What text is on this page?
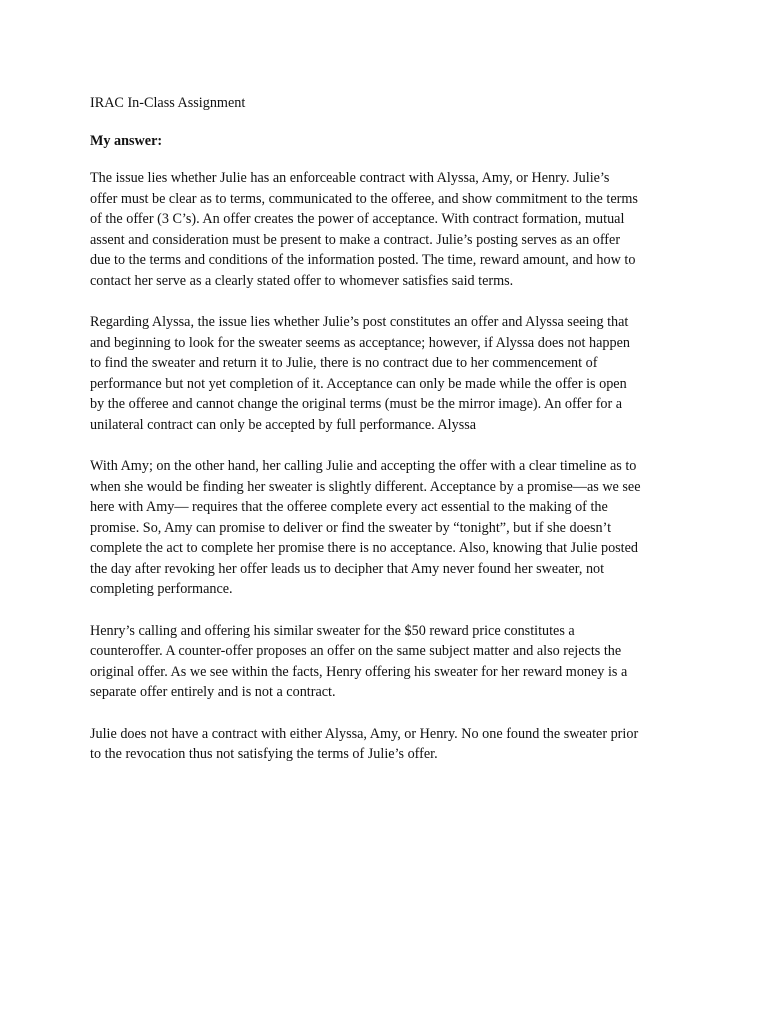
IRAC In-Class Assignment
My answer:
The issue lies whether Julie has an enforceable contract with Alyssa, Amy, or Henry. Julie’s
offer must be clear as to terms, communicated to the offeree, and show commitment to the terms
of the offer (3 C’s). An offer creates the power of acceptance. With contract formation, mutual
assent and consideration must be present to make a contract. Julie’s posting serves as an offer
due to the terms and conditions of the information posted. The time, reward amount, and how to
contact her serve as a clearly stated offer to whomever satisfies said terms.
Regarding Alyssa, the issue lies whether Julie’s post constitutes an offer and Alyssa seeing that
and beginning to look for the sweater seems as acceptance; however, if Alyssa does not happen
to find the sweater and return it to Julie, there is no contract due to her commencement of
performance but not yet completion of it. Acceptance can only be made while the offer is open
by the offeree and cannot change the original terms (must be the mirror image). An offer for a
unilateral contract can only be accepted by full performance. Alyssa
With Amy; on the other hand, her calling Julie and accepting the offer with a clear timeline as to
when she would be finding her sweater is slightly different. Acceptance by a promise—as we see
here with Amy— requires that the offeree complete every act essential to the making of the
promise. So, Amy can promise to deliver or find the sweater by “tonight”, but if she doesn’t
complete the act to complete her promise there is no acceptance. Also, knowing that Julie posted
the day after revoking her offer leads us to decipher that Amy never found her sweater, not
completing performance.
Henry’s calling and offering his similar sweater for the $50 reward price constitutes a
counteroffer. A counter-offer proposes an offer on the same subject matter and also rejects the
original offer. As we see within the facts, Henry offering his sweater for her reward money is a
separate offer entirely and is not a contract.
Julie does not have a contract with either Alyssa, Amy, or Henry. No one found the sweater prior
to the revocation thus not satisfying the terms of Julie’s offer.
